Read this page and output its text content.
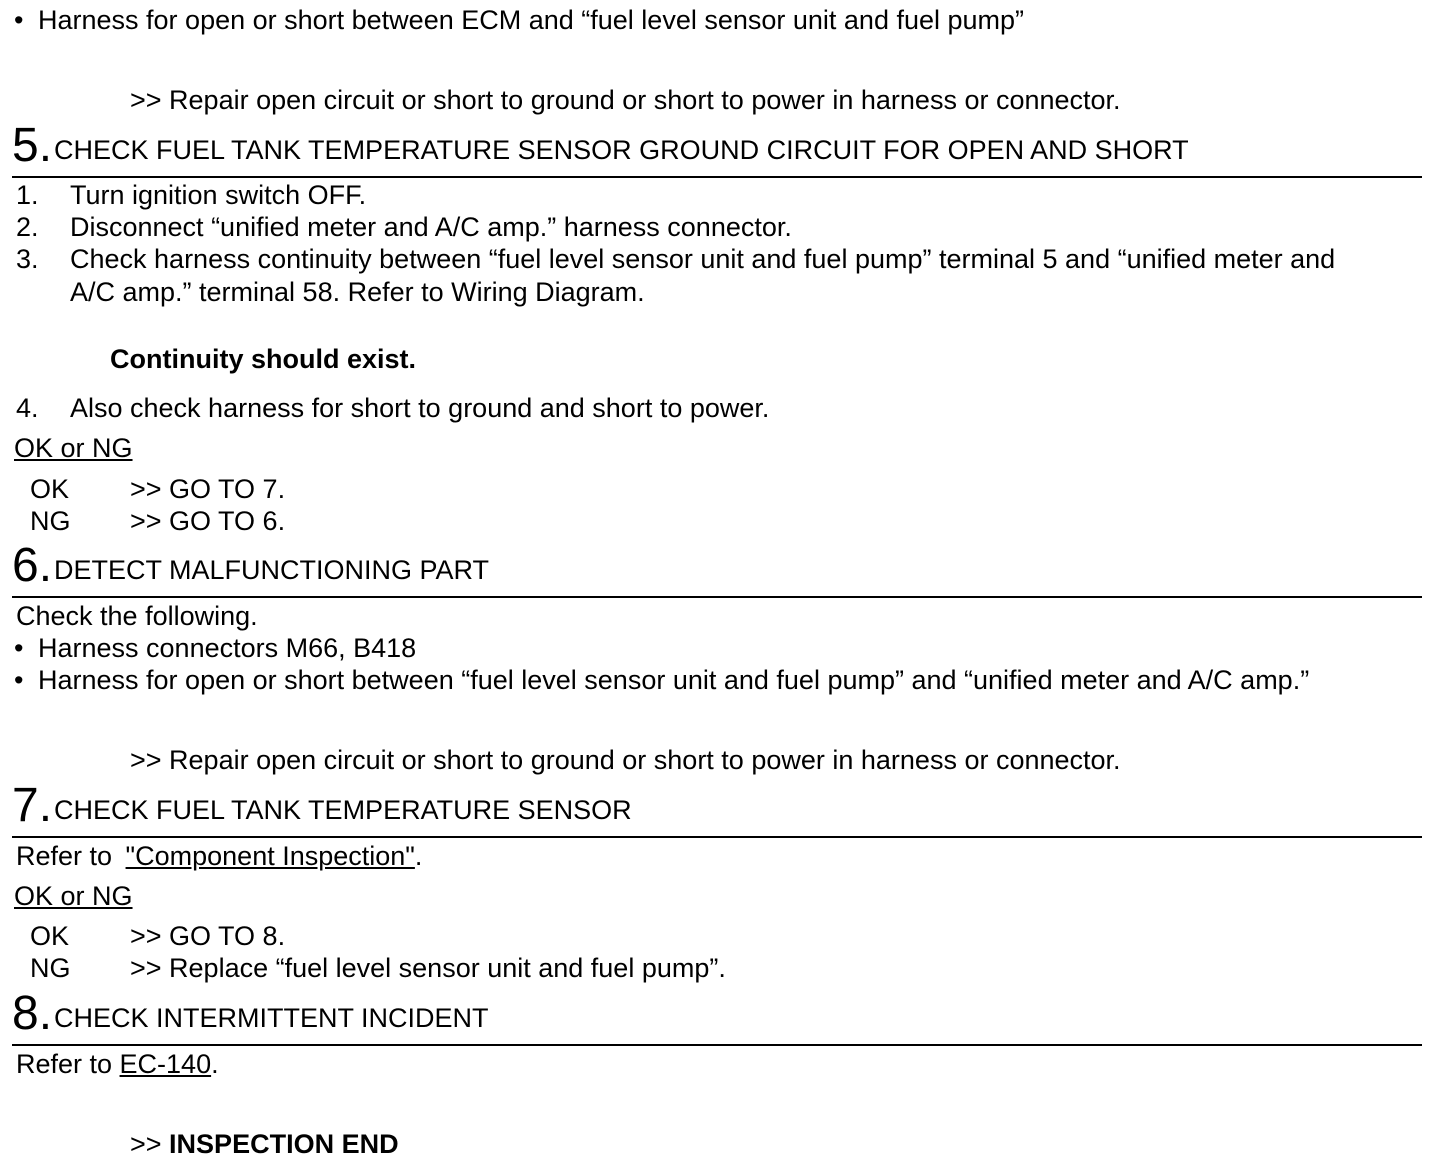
• Harness for open or short between ECM and “fuel level sensor unit and fuel pump”
>> Repair open circuit or short to ground or short to power in harness or connector.
5. CHECK FUEL TANK TEMPERATURE SENSOR GROUND CIRCUIT FOR OPEN AND SHORT
1. Turn ignition switch OFF.
2. Disconnect “unified meter and A/C amp.” harness connector.
3. Check harness continuity between “fuel level sensor unit and fuel pump” terminal 5 and “unified meter and
A/C amp.” terminal 58. Refer to Wiring Diagram.
Continuity should exist.
4. Also check harness for short to ground and short to power.
OK or NG
OK >> GO TO 7.
NG >> GO TO 6.
6. DETECT MALFUNCTIONING PART
Check the following.
• Harness connectors M66, B418
• Harness for open or short between “fuel level sensor unit and fuel pump” and “unified meter and A/C amp.”
>> Repair open circuit or short to ground or short to power in harness or connector.
7. CHECK FUEL TANK TEMPERATURE SENSOR
Refer to "Component Inspection".
OK or NG
OK >> GO TO 8.
NG >> Replace “fuel level sensor unit and fuel pump”.
8. CHECK INTERMITTENT INCIDENT
Refer to EC-140.
>> INSPECTION END
